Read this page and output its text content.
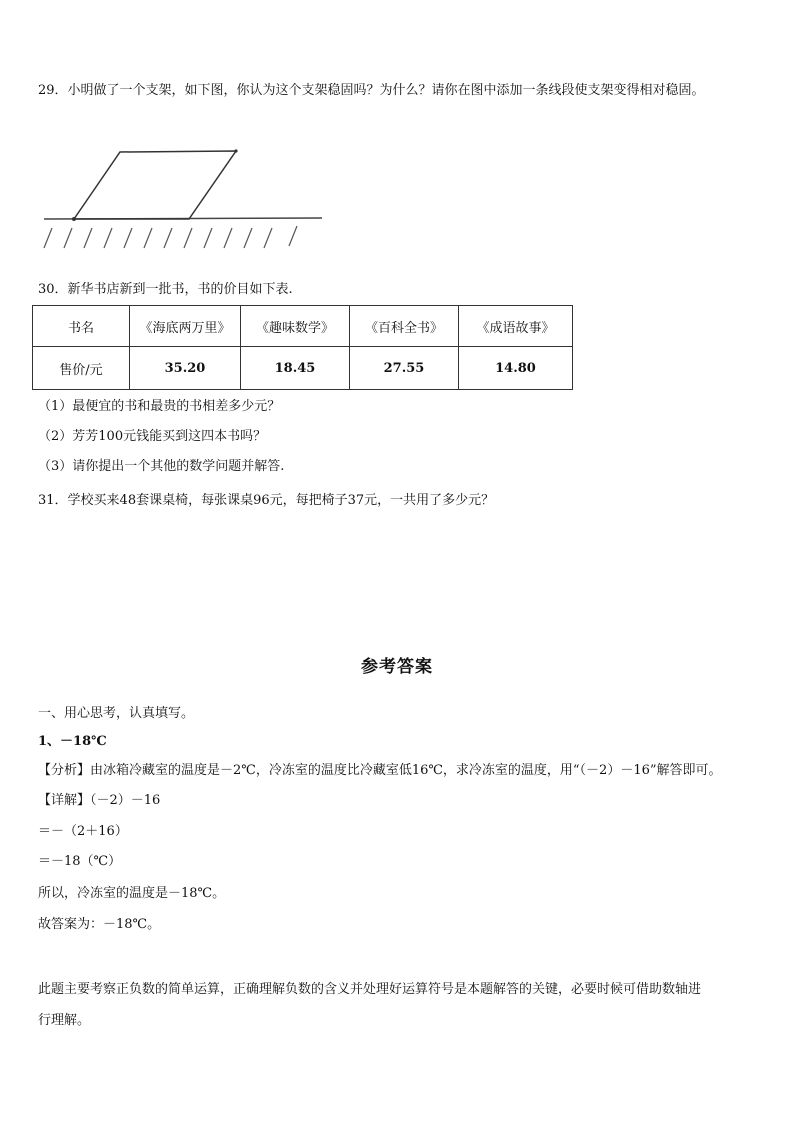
29．小明做了一个支架，如下图，你认为这个支架稳固吗？为什么？请你在图中添加一条线段使支架变得相对稳固。
30．新华书店新到一批书，书的价目如下表.
书名	《海底两万里》	《趣味数学》	《百科全书》	《成语故事》
售价/元	35.20	18.45	27.55	14.80
（1）最便宜的书和最贵的书相差多少元？
（2）芳芳100元钱能买到这四本书吗？
（3）请你提出一个其他的数学问题并解答.
31．学校买来48套课桌椅，每张课桌96元，每把椅子37元，一共用了多少元？
参考答案
一、用心思考，认真填写。
1、－18℃
【分析】由冰箱冷藏室的温度是－2℃，冷冻室的温度比冷藏室低16℃，求冷冻室的温度，用“（－2）－16”解答即可。
【详解】（－2）－16
＝－（2＋16）
＝－18（℃）
所以，冷冻室的温度是－18℃。
故答案为：－18℃。
此题主要考察正负数的简单运算，正确理解负数的含义并处理好运算符号是本题解答的关键，必要时候可借助数轴进
行理解。
